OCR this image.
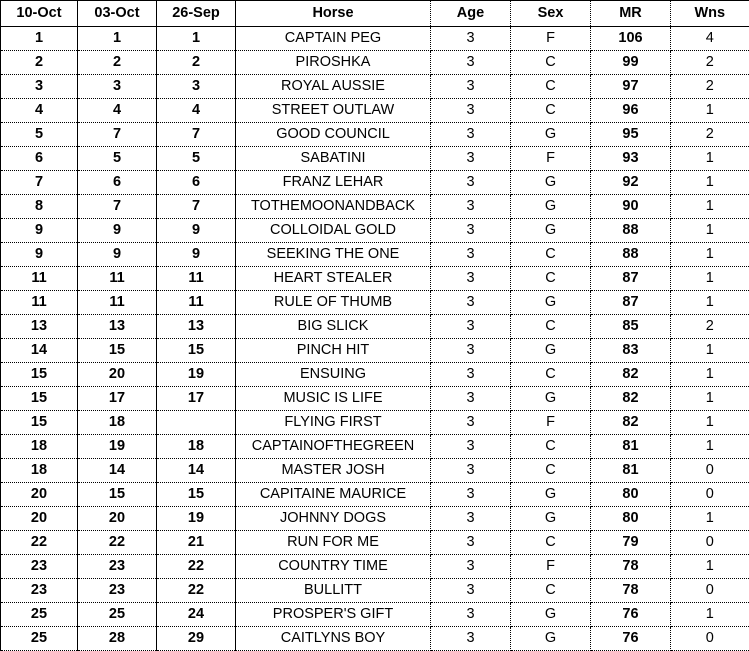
10-Oct	03-Oct	26-Sep	Horse	Age	Sex	MR	Wns
1	1	1	CAPTAIN PEG	3	F	106	4
2	2	2	PIROSHKA	3	C	99	2
3	3	3	ROYAL AUSSIE	3	C	97	2
4	4	4	STREET OUTLAW	3	C	96	1
5	7	7	GOOD COUNCIL	3	G	95	2
6	5	5	SABATINI	3	F	93	1
7	6	6	FRANZ LEHAR	3	G	92	1
8	7	7	TOTHEMOONANDBACK	3	G	90	1
9	9	9	COLLOIDAL GOLD	3	G	88	1
9	9	9	SEEKING THE ONE	3	C	88	1
11	11	11	HEART STEALER	3	C	87	1
11	11	11	RULE OF THUMB	3	G	87	1
13	13	13	BIG SLICK	3	C	85	2
14	15	15	PINCH HIT	3	G	83	1
15	20	19	ENSUING	3	C	82	1
15	17	17	MUSIC IS LIFE	3	G	82	1
15	18		FLYING FIRST	3	F	82	1
18	19	18	CAPTAINOFTHEGREEN	3	C	81	1
18	14	14	MASTER JOSH	3	C	81	0
20	15	15	CAPITAINE MAURICE	3	G	80	0
20	20	19	JOHNNY DOGS	3	G	80	1
22	22	21	RUN FOR ME	3	C	79	0
23	23	22	COUNTRY TIME	3	F	78	1
23	23	22	BULLITT	3	C	78	0
25	25	24	PROSPER'S GIFT	3	G	76	1
25	28	29	CAITLYNS BOY	3	G	76	0
